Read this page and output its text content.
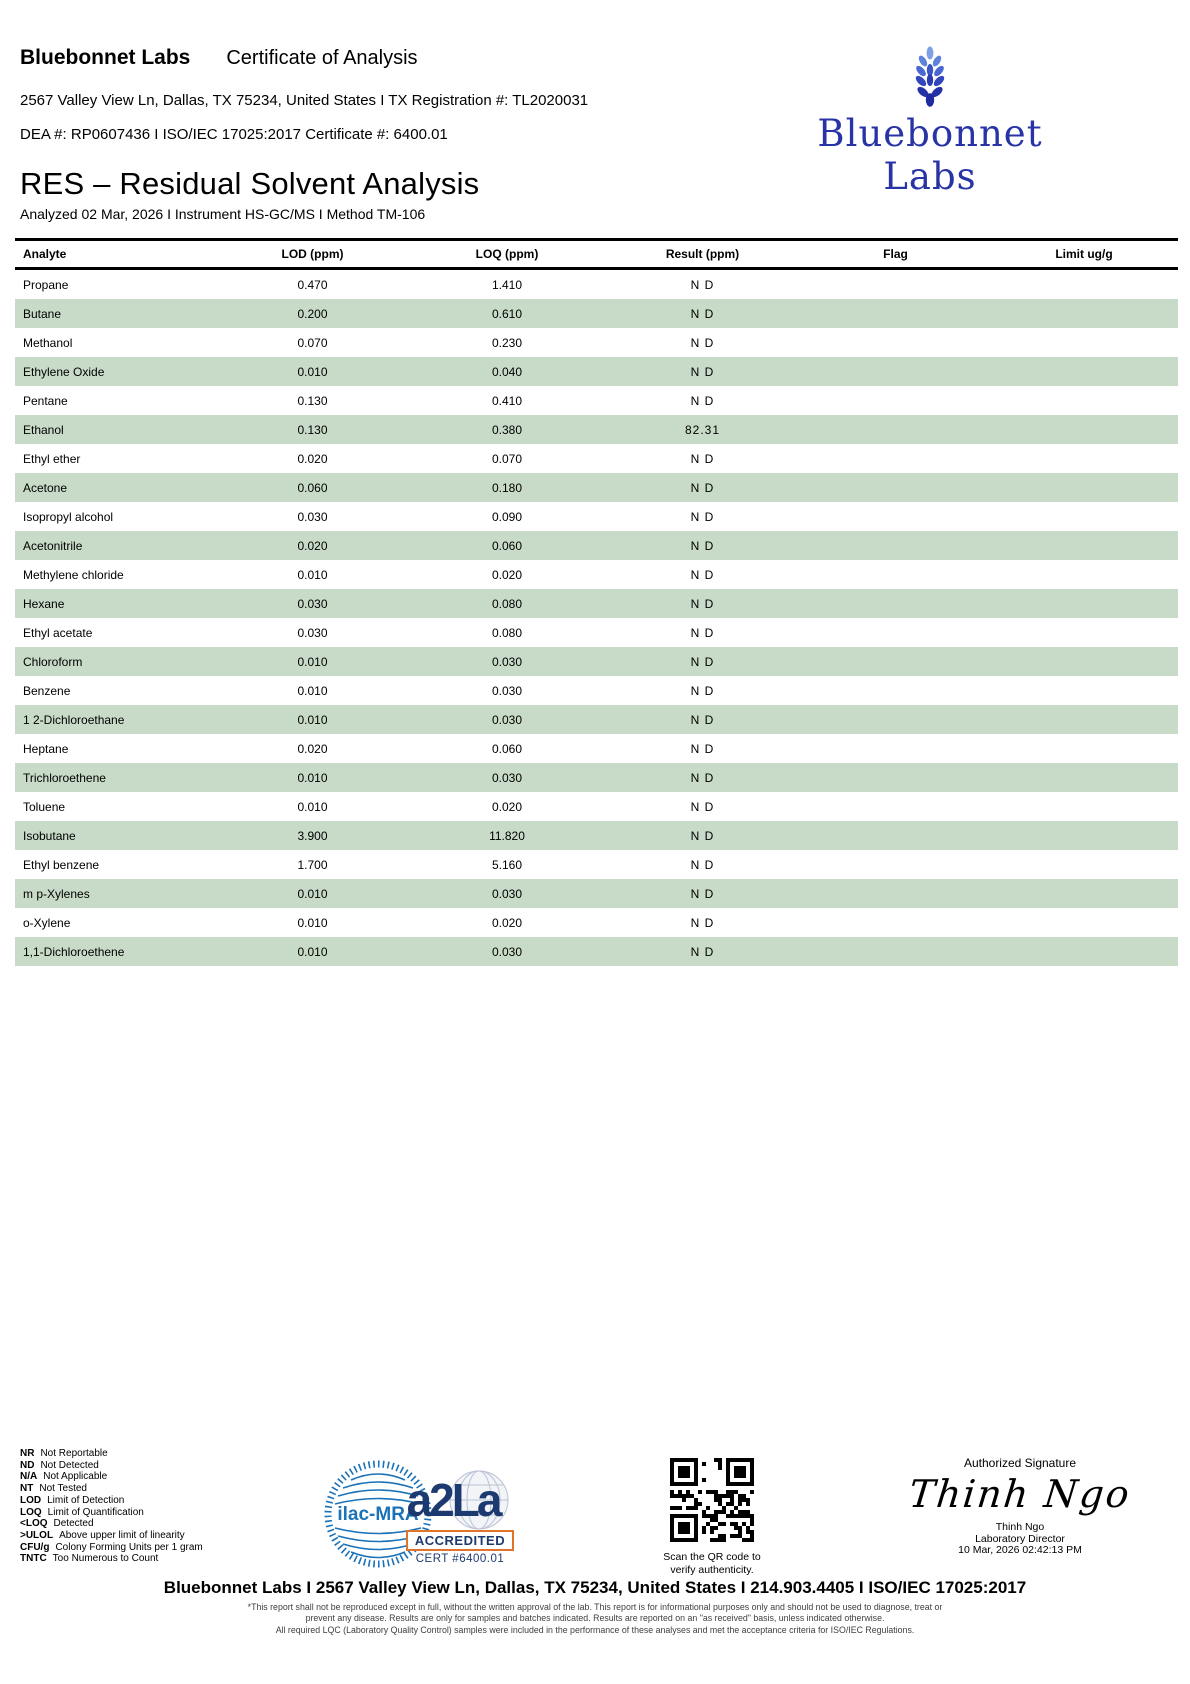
Bluebonnet Labs Certificate of Analysis
2567 Valley View Ln, Dallas, TX 75234, United States I TX Registration #: TL2020031
DEA #: RP0607436 I ISO/IEC 17025:2017 Certificate #: 6400.01	Bluebonnet Labs
RES – Residual Solvent Analysis
Analyzed 02 Mar, 2026 I Instrument HS-GC/MS I Method TM-106
Analyte	LOD (ppm)	LOQ (ppm)	Result (ppm)	Flag	Limit ug/g
Propane	0.470	1.410	N D
Butane	0.200	0.610	N D
Methanol	0.070	0.230	N D
Ethylene Oxide	0.010	0.040	N D
Pentane	0.130	0.410	N D
Ethanol	0.130	0.380	82.31
Ethyl ether	0.020	0.070	N D
Acetone	0.060	0.180	N D
Isopropyl alcohol	0.030	0.090	N D
Acetonitrile	0.020	0.060	N D
Methylene chloride	0.010	0.020	N D
Hexane	0.030	0.080	N D
Ethyl acetate	0.030	0.080	N D
Chloroform	0.010	0.030	N D
Benzene	0.010	0.030	N D
1 2-Dichloroethane	0.010	0.030	N D
Heptane	0.020	0.060	N D
Trichloroethene	0.010	0.030	N D
Toluene	0.010	0.020	N D
Isobutane	3.900	11.820	N D
Ethyl benzene	1.700	5.160	N D
m p-Xylenes	0.010	0.030	N D
o-Xylene	0.010	0.020	N D
1,1-Dichloroethene	0.010	0.030	N D
NR Not Reportable
ND Not Detected
N/A Not Applicable
NT Not Tested
LOD Limit of Detection
LOQ Limit of Quantification
<LOQ Detected
>ULOL Above upper limit of linearity
CFU/g Colony Forming Units per 1 gram
TNTC Too Numerous to Count
ilac-MRA
a2La
ACCREDITED
CERT #6400.01	Scan the QR code to
verify authenticity.
Authorized Signature
Thinh Ngo
Thinh Ngo
Laboratory Director
10 Mar, 2026 02:42:13 PM
Bluebonnet Labs I 2567 Valley View Ln, Dallas, TX 75234, United States I 214.903.4405 I ISO/IEC 17025:2017
*This report shall not be reproduced except in full, without the written approval of the lab. This report is for informational purposes only and should not be used to diagnose, treat or
prevent any disease. Results are only for samples and batches indicated. Results are reported on an "as received" basis, unless indicated otherwise.
All required LQC (Laboratory Quality Control) samples were included in the performance of these analyses and met the acceptance criteria for ISO/IEC Regulations.
